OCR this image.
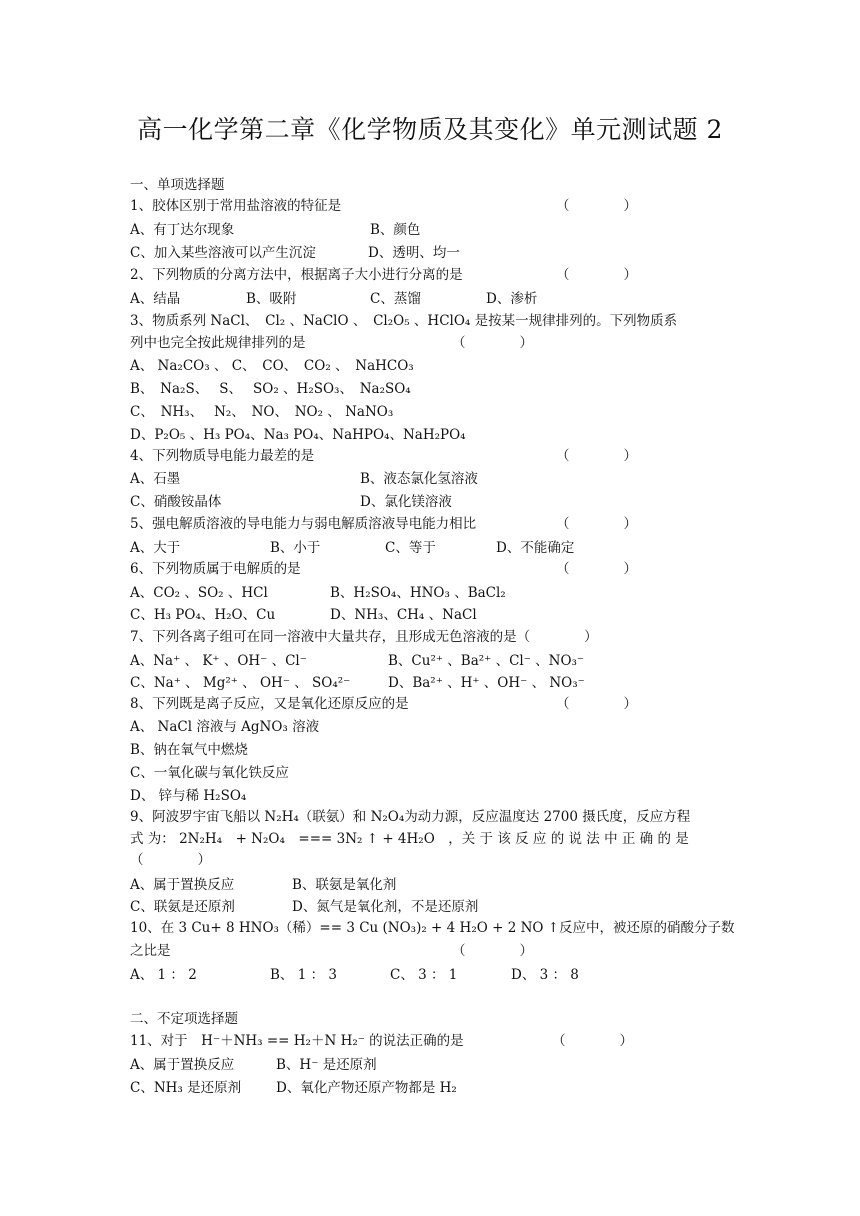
高一化学第二章《化学物质及其变化》单元测试题 2
一、单项选择题
1、胶体区别于常用盐溶液的特征是	（　　　　）
A、有丁达尔现象	B、颜色
C、加入某些溶液可以产生沉淀	D、透明、均一
2、下列物质的分离方法中，根据离子大小进行分离的是	（　　　　）
A、结晶	B、吸附	C、蒸馏	D、渗析
3、物质系列 NaCl、　Cl₂ 、NaClO 、　Cl₂O₅ 、HClO₄ 是按某一规律排列的。下列物质系
列中也完全按此规律排列的是	（　　　　）
A、 Na₂CO₃ 、 C、　CO、　CO₂ 、　NaHCO₃
B、　Na₂S、　 S、　 SO₂ 、H₂SO₃、　Na₂SO₄
C、　NH₃、　 N₂、　NO、　NO₂ 、 NaNO₃
D、P₂O₅ 、H₃ PO₄、Na₃ PO₄、NaHPO₄、NaH₂PO₄
4、下列物质导电能力最差的是	（　　　　）
A、石墨	B、液态氯化氢溶液
C、硝酸铵晶体	D、氯化镁溶液
5、强电解质溶液的导电能力与弱电解质溶液导电能力相比	（　　　　）
A、大于	B、小于	C、等于	D、不能确定
6、下列物质属于电解质的是	（　　　　）
A、CO₂ 、SO₂ 、HCl	B、H₂SO₄、HNO₃ 、BaCl₂
C、H₃ PO₄、H₂O、Cu	D、NH₃、CH₄ 、NaCl
7、下列各离子组可在同一溶液中大量共存，且形成无色溶液的是（　　　　）
A、Na⁺ 、 K⁺ 、OH⁻ 、Cl⁻	B、Cu²⁺ 、Ba²⁺ 、Cl⁻ 、NO₃⁻
C、Na⁺ 、 Mg²⁺ 、 OH⁻ 、 SO₄²⁻	D、Ba²⁺ 、H⁺ 、OH⁻ 、 NO₃⁻
8、下列既是离子反应，又是氧化还原反应的是	（　　　　）
A、 NaCl 溶液与 AgNO₃ 溶液
B、钠在氧气中燃烧
C、一氧化碳与氧化铁反应
D、 锌与稀 H₂SO₄
9、阿波罗宇宙飞船以 N₂H₄（联氨）和 N₂O₄为动力源，反应温度达 2700 摄氏度，反应方程
式 为： 2N₂H₄　+ N₂O₄　=== 3N₂ ↑ + 4H₂O　，关 于 该 反 应 的 说 法 中 正 确 的 是
（　　　　）
A、属于置换反应	B、联氨是氧化剂
C、联氨是还原剂	D、氮气是氧化剂，不是还原剂
10、在 3 Cu+ 8 HNO₃（稀）== 3 Cu (NO₃)₂ + 4 H₂O + 2 NO ↑反应中，被还原的硝酸分子数
之比是	（　　　　）
A、 1 ： 2	B、 1 ： 3	C、 3 ： 1	D、 3 ： 8
二、不定项选择题
11、对于　H⁻＋NH₃ == H₂＋N H₂⁻ 的说法正确的是	（　　　　）
A、属于置换反应	B、H⁻ 是还原剂
C、NH₃ 是还原剂	D、氧化产物还原产物都是 H₂
